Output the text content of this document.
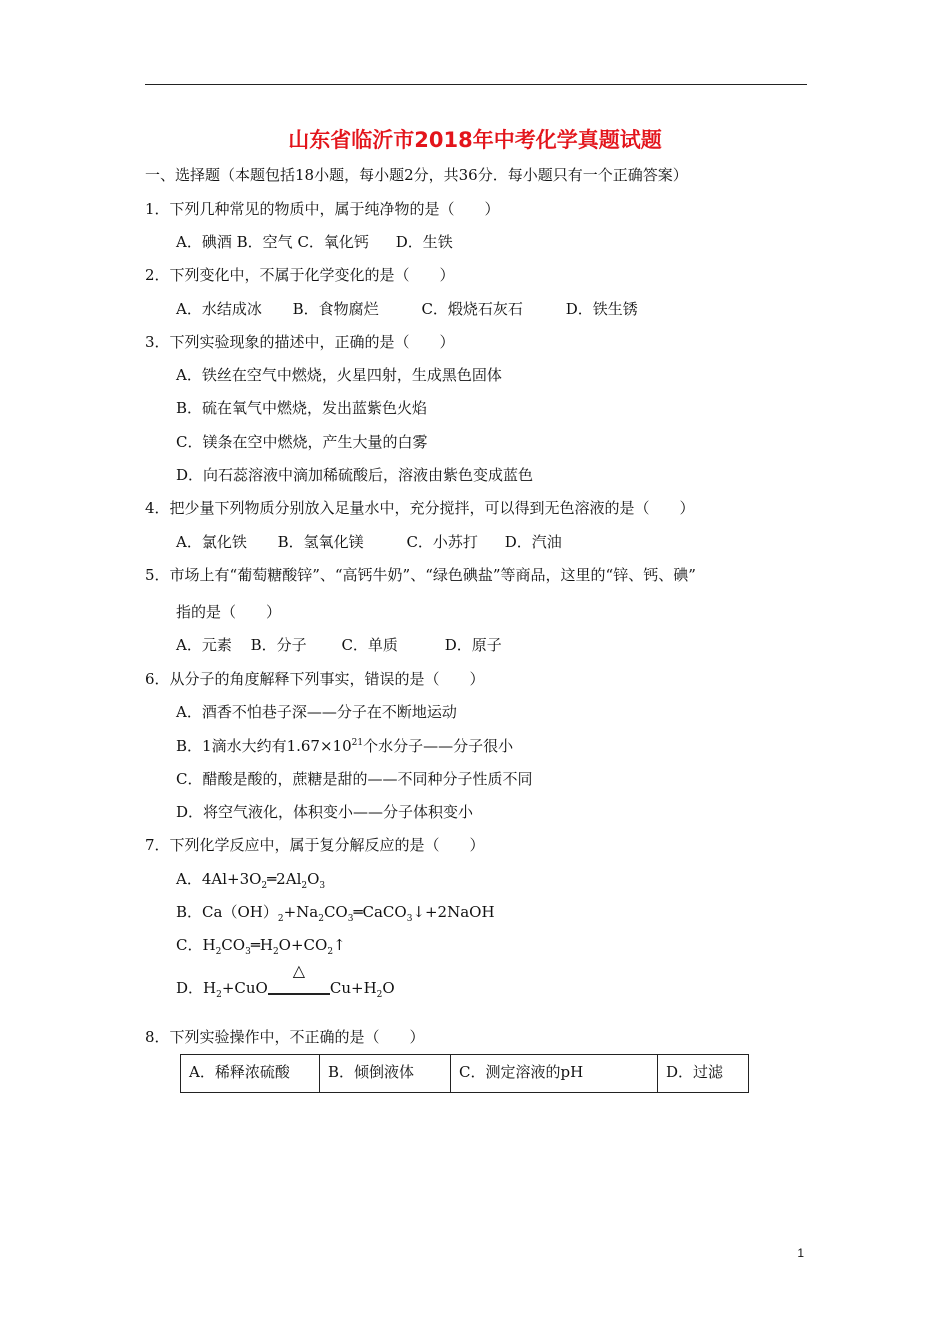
山东省临沂市2018年中考化学真题试题
一、选择题（本题包括18小题，每小题2分，共36分．每小题只有一个正确答案）
1．下列几种常见的物质中，属于纯净物的是（　　）
A．碘酒 B．空气 C．氧化钙 D．生铁
2．下列变化中，不属于化学变化的是（　　）
A．水结成冰 B．食物腐烂	C．煅烧石灰石	D．铁生锈
3．下列实验现象的描述中，正确的是（　　）
A．铁丝在空气中燃烧，火星四射，生成黑色固体
B．硫在氧气中燃烧，发出蓝紫色火焰
C．镁条在空中燃烧，产生大量的白雾
D．向石蕊溶液中滴加稀硫酸后，溶液由紫色变成蓝色
4．把少量下列物质分别放入足量水中，充分搅拌，可以得到无色溶液的是（　　）
A．氯化铁 B．氢氧化镁	C．小苏打 D．汽油
5．市场上有“葡萄糖酸锌”、“高钙牛奶”、“绿色碘盐”等商品，这里的“锌、钙、碘”
指的是（　　）
A．元素 B．分子 C．单质	D．原子
6．从分子的角度解释下列事实，错误的是（　　）
A．酒香不怕巷子深——分子在不断地运动
B．1滴水大约有$1.67\times 10^{21}$个水分子——分子很小
C．醋酸是酸的，蔗糖是甜的——不同种分子性质不同
D．将空气液化，体积变小——分子体积变小
7．下列化学反应中，属于复分解反应的是（　　）
A．$4Al+3O_2═2Al_2O_3$
B．$Ca(OH)_2+Na_2CO_3═CaCO_3↓+2NaOH$
C．$H_2CO_3═H_2O+CO_2↑$
D．$H_2+CuO$
△
$Cu+H_2O$
8．下列实验操作中，不正确的是（　　）
A．稀释浓硫酸	B．倾倒液体	C．测定溶液的pH	D．过滤
1
